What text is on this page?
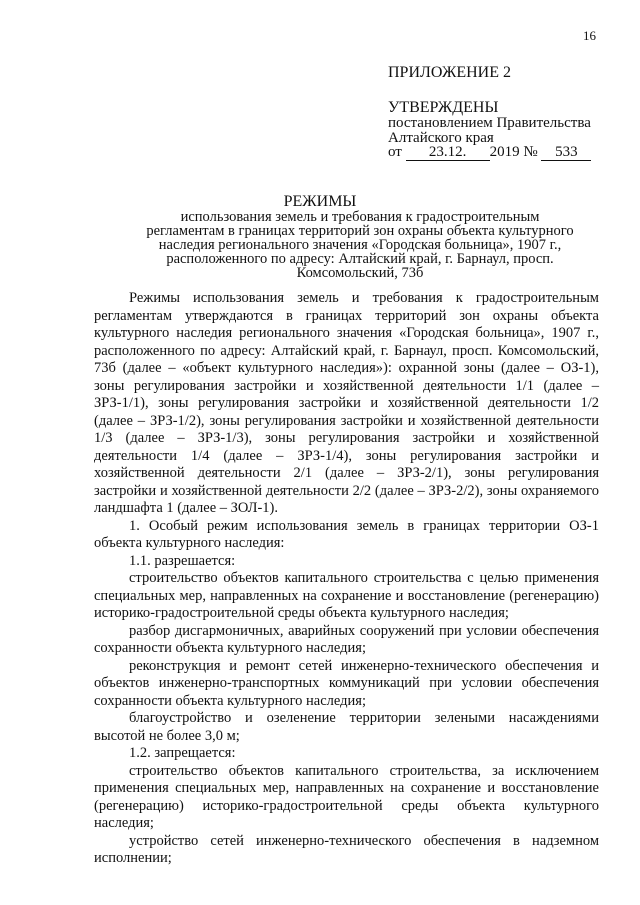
16
ПРИЛОЖЕНИЕ 2
УТВЕРЖДЕНЫ
постановлением Правительства
Алтайского края
от 23.12. 2019 № 533
РЕЖИМЫ
использования земель и требования к градостроительным регламентам в границах территорий зон охраны объекта культурного наследия регионального значения «Городская больница», 1907 г., расположенного по адресу: Алтайский край, г. Барнаул, просп. Комсомольский, 73б

Режимы использования земель и требования к градостроительным регламентам утверждаются в границах территорий зон охраны объекта культурного наследия регионального значения «Городская больница», 1907 г., расположенного по адресу: Алтайский край, г. Барнаул, просп. Комсомольский, 73б (далее – «объект культурного наследия»): охранной зоны (далее – ОЗ-1), зоны регулирования застройки и хозяйственной деятельности 1/1 (далее – ЗРЗ-1/1), зоны регулирования застройки и хозяйственной деятельности 1/2 (далее – ЗРЗ-1/2), зоны регулирования застройки и хозяйственной деятельности 1/3 (далее – ЗРЗ-1/3), зоны регулирования застройки и хозяйственной деятельности 1/4 (далее – ЗРЗ-1/4), зоны регулирования застройки и хозяйственной деятельности 2/1 (далее – ЗРЗ-2/1), зоны регулирования застройки и хозяйственной деятельности 2/2 (далее – ЗРЗ-2/2), зоны охраняемого ландшафта 1 (далее – ЗОЛ-1).

1. Особый режим использования земель в границах территории ОЗ-1 объекта культурного наследия:

1.1. разрешается:

строительство объектов капитального строительства с целью применения специальных мер, направленных на сохранение и восстановление (регенерацию) историко-градостроительной среды объекта культурного наследия;

разбор дисгармоничных, аварийных сооружений при условии обеспечения сохранности объекта культурного наследия;

реконструкция и ремонт сетей инженерно-технического обеспечения и объектов инженерно-транспортных коммуникаций при условии обеспечения сохранности объекта культурного наследия;

благоустройство и озеленение территории зелеными насаждениями высотой не более 3,0 м;

1.2. запрещается:

строительство объектов капитального строительства, за исключением применения специальных мер, направленных на сохранение и восстановление (регенерацию) историко-градостроительной среды объекта культурного наследия;

устройство сетей инженерно-технического обеспечения в надземном исполнении;
